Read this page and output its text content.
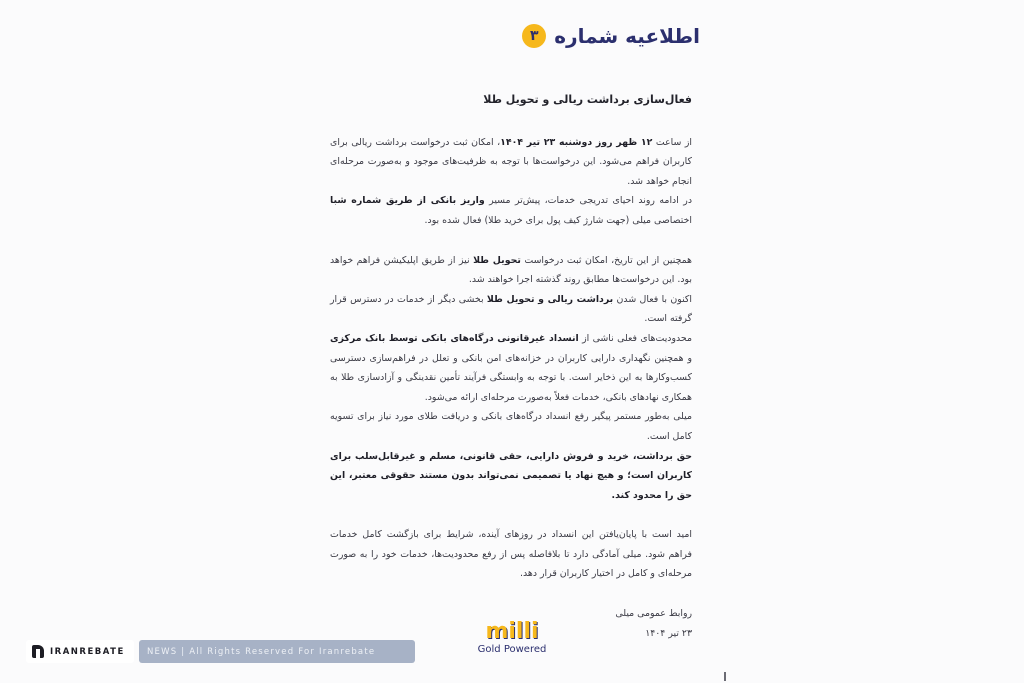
اطلاعیه شماره
۳

فعال‌سازی برداشت ریالی و تحویل طلا

از ساعت ۱۲ ظهر روز دوشنبه ۲۳ تیر ۱۴۰۴، امکان ثبت درخواست برداشت ریالی برای کاربران فراهم می‌شود. این درخواست‌ها با توجه به ظرفیت‌های موجود و به‌صورت مرحله‌ای انجام خواهد شد.

در ادامه روند احیای تدریجی خدمات، پیش‌تر مسیر واریز بانکی از طریق شماره شبا اختصاصی میلی (جهت شارژ کیف پول برای خرید طلا) فعال شده بود.

همچنین از این تاریخ، امکان ثبت درخواست تحویل طلا نیز از طریق اپلیکیشن فراهم خواهد بود. این درخواست‌ها مطابق روند گذشته اجرا خواهند شد.

اکنون با فعال شدن برداشت ریالی و تحویل طلا بخشی دیگر از خدمات در دسترس قرار گرفته است.

محدودیت‌های فعلی ناشی از انسداد غیرقانونی درگاه‌های بانکی توسط بانک مرکزی و همچنین نگهداری دارایی کاربران در خزانه‌های امن بانکی و تعلل در فراهم‌سازی دسترسی کسب‌وکارها به این ذخایر است. با توجه به وابستگی فرآیند تأمین نقدینگی و آزادسازی طلا به همکاری نهادهای بانکی، خدمات فعلاً به‌صورت مرحله‌ای ارائه می‌شود.

میلی به‌طور مستمر پیگیر رفع انسداد درگاه‌های بانکی و دریافت طلای مورد نیاز برای تسویه کامل است.

حق برداشت، خرید و فروش دارایی، حقی قانونی، مسلم و غیرقابل‌سلب برای کاربران است؛ و هیچ نهاد یا تصمیمی نمی‌تواند بدون مستند حقوقی معتبر، این حق را محدود کند.

امید است با پایان‌یافتن این انسداد در روزهای آینده، شرایط برای بازگشت کامل خدمات فراهم شود. میلی آمادگی دارد تا بلافاصله پس از رفع محدودیت‌ها، خدمات خود را به صورت مرحله‌ای و کامل در اختیار کاربران قرار دهد.

روابط عمومی میلی

۲۳ تیر ۱۴۰۴

milli
Gold Powered
IRANREBATE	NEWS | All Rights Reserved For Iranrebate
